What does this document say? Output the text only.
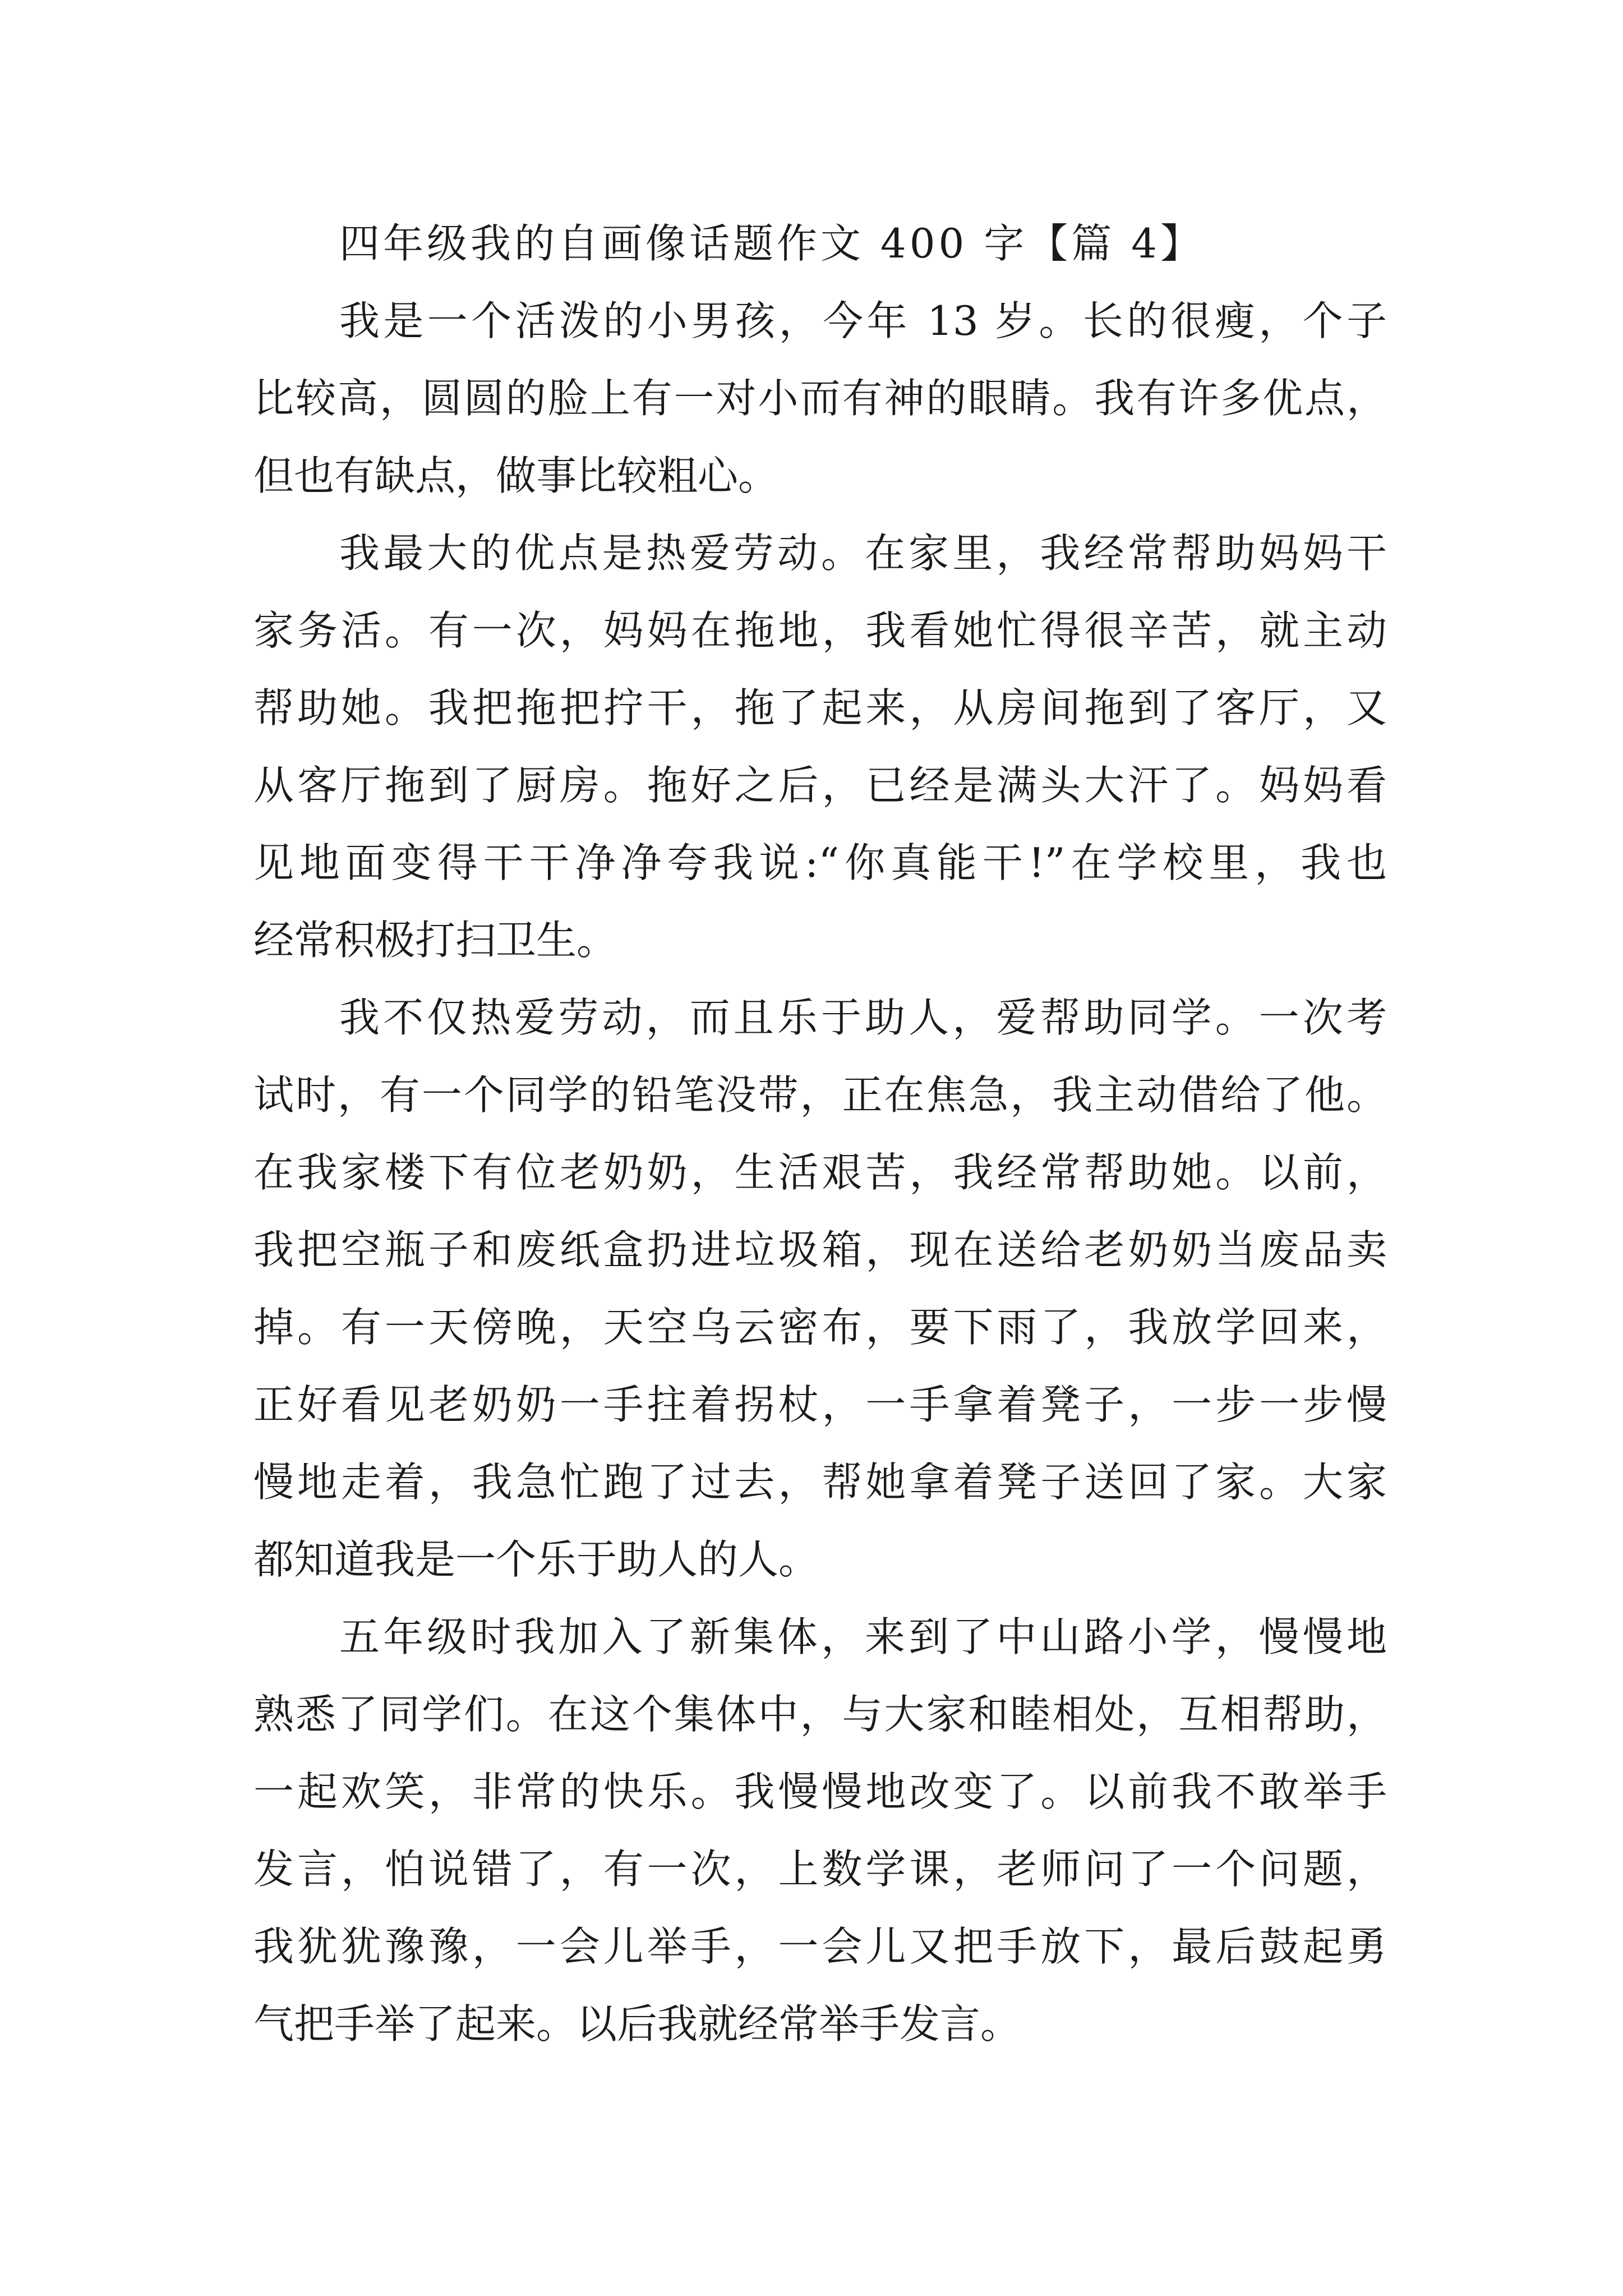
四年级我的自画像话题作文 400 字【篇 4】
我是一个活泼的小男孩，今年 13 岁。长的很瘦，个子
比较高，圆圆的脸上有一对小而有神的眼睛。我有许多优点，
但也有缺点，做事比较粗心。
我最大的优点是热爱劳动。在家里，我经常帮助妈妈干
家务活。有一次，妈妈在拖地，我看她忙得很辛苦，就主动
帮助她。我把拖把拧干，拖了起来，从房间拖到了客厅，又
从客厅拖到了厨房。拖好之后，已经是满头大汗了。妈妈看
见地面变得干干净净夸我说:“你真能干!”在学校里，我也
经常积极打扫卫生。
我不仅热爱劳动，而且乐于助人，爱帮助同学。一次考
试时，有一个同学的铅笔没带，正在焦急，我主动借给了他。
在我家楼下有位老奶奶，生活艰苦，我经常帮助她。以前，
我把空瓶子和废纸盒扔进垃圾箱，现在送给老奶奶当废品卖
掉。有一天傍晚，天空乌云密布，要下雨了，我放学回来，
正好看见老奶奶一手拄着拐杖，一手拿着凳子，一步一步慢
慢地走着，我急忙跑了过去，帮她拿着凳子送回了家。大家
都知道我是一个乐于助人的人。
五年级时我加入了新集体，来到了中山路小学，慢慢地
熟悉了同学们。在这个集体中，与大家和睦相处，互相帮助，
一起欢笑，非常的快乐。我慢慢地改变了。以前我不敢举手
发言，怕说错了，有一次，上数学课，老师问了一个问题，
我犹犹豫豫，一会儿举手，一会儿又把手放下，最后鼓起勇
气把手举了起来。以后我就经常举手发言。
